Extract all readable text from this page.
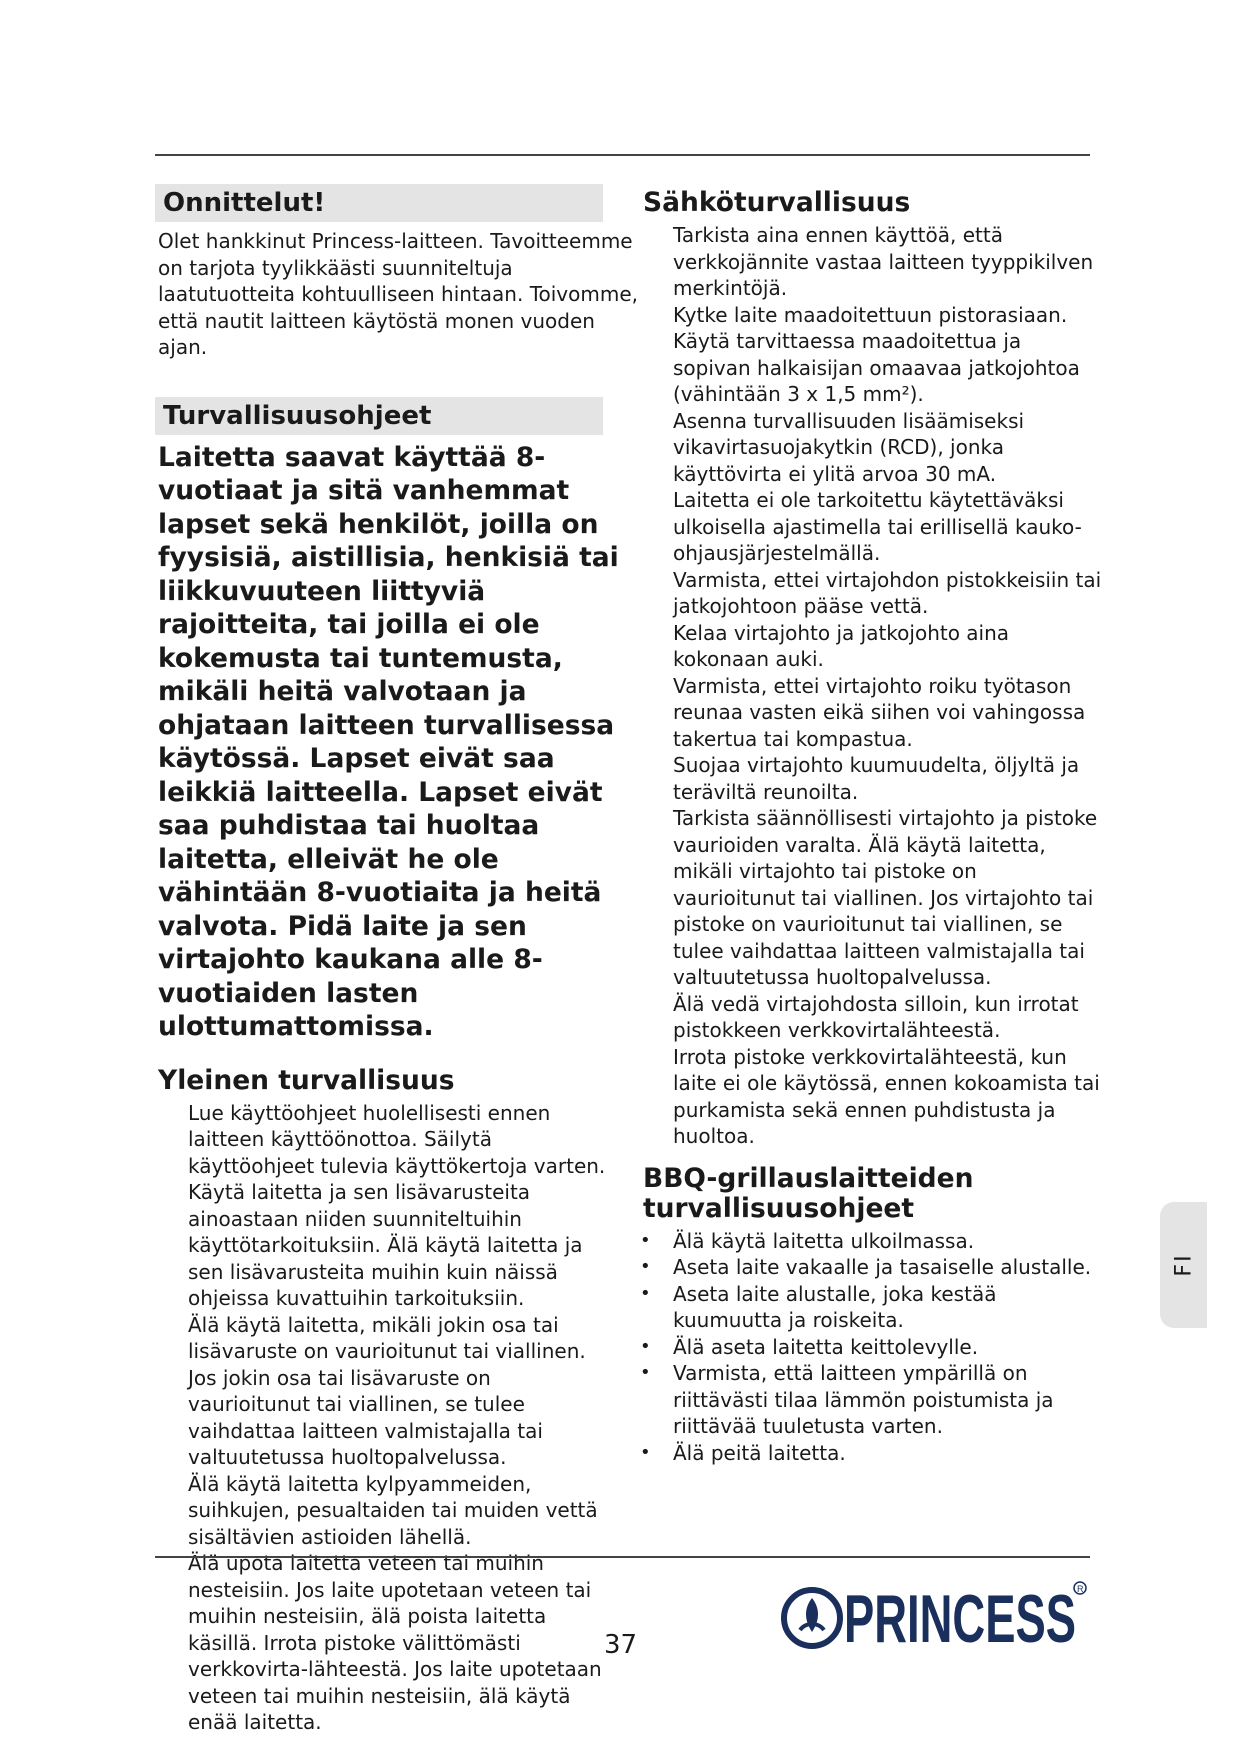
Onnittelut!

Olet hankkinut Princess-laitteen. Tavoitteemme on tarjota tyylikkäästi suunniteltuja laatutuotteita kohtuulliseen hintaan. Toivomme, että nautit laitteen käytöstä monen vuoden ajan.

Turvallisuusohjeet

Laitetta saavat käyttää 8-vuotiaat ja sitä vanhemmat lapset sekä henkilöt, joilla on fyysisiä, aistillisia, henkisiä tai liikkuvuuteen liittyviä rajoitteita, tai joilla ei ole kokemusta tai tuntemusta, mikäli heitä valvotaan ja ohjataan laitteen turvallisessa käytössä. Lapset eivät saa leikkiä laitteella. Lapset eivät saa puhdistaa tai huoltaa laitetta, elleivät he ole vähintään 8-vuotiaita ja heitä valvota. Pidä laite ja sen virtajohto kaukana alle 8-vuotiaiden lasten ulottumattomissa.

Yleinen turvallisuus
Lue käyttöohjeet huolellisesti ennen laitteen käyttöönottoa. Säilytä käyttöohjeet tulevia käyttökertoja varten.
Käytä laitetta ja sen lisävarusteita ainoastaan niiden suunniteltuihin käyttötarkoituksiin. Älä käytä laitetta ja sen lisävarusteita muihin kuin näissä ohjeissa kuvattuihin tarkoituksiin.
Älä käytä laitetta, mikäli jokin osa tai lisävaruste on vaurioitunut tai viallinen. Jos jokin osa tai lisävaruste on vaurioitunut tai viallinen, se tulee vaihdattaa laitteen valmistajalla tai valtuutetussa huoltopalvelussa.
Älä käytä laitetta kylpyammeiden, suihkujen, pesualtaiden tai muiden vettä sisältävien astioiden lähellä.
Älä upota laitetta veteen tai muihin nesteisiin. Jos laite upotetaan veteen tai muihin nesteisiin, älä poista laitetta käsillä. Irrota pistoke välittömästi verkkovirta-lähteestä. Jos laite upotetaan veteen tai muihin nesteisiin, älä käytä enää laitetta.
Sähköturvallisuus
Tarkista aina ennen käyttöä, että verkkojännite vastaa laitteen tyyppikilven merkintöjä.
Kytke laite maadoitettuun pistorasiaan. Käytä tarvittaessa maadoitettua ja sopivan halkaisijan omaavaa jatkojohtoa (vähintään 3 x 1,5 mm²).
Asenna turvallisuuden lisäämiseksi vikavirtasuojakytkin (RCD), jonka käyttövirta ei ylitä arvoa 30 mA.
Laitetta ei ole tarkoitettu käytettäväksi ulkoisella ajastimella tai erillisellä kauko-ohjausjärjestelmällä.
Varmista, ettei virtajohdon pistokkeisiin tai jatkojohtoon pääse vettä.
Kelaa virtajohto ja jatkojohto aina kokonaan auki.
Varmista, ettei virtajohto roiku työtason reunaa vasten eikä siihen voi vahingossa takertua tai kompastua.
Suojaa virtajohto kuumuudelta, öljyltä ja teräviltä reunoilta.
Tarkista säännöllisesti virtajohto ja pistoke vaurioiden varalta. Älä käytä laitetta, mikäli virtajohto tai pistoke on vaurioitunut tai viallinen. Jos virtajohto tai pistoke on vaurioitunut tai viallinen, se tulee vaihdattaa laitteen valmistajalla tai valtuutetussa huoltopalvelussa.
Älä vedä virtajohdosta silloin, kun irrotat pistokkeen verkkovirtalähteestä.
Irrota pistoke verkkovirtalähteestä, kun laite ei ole käytössä, ennen kokoamista tai purkamista sekä ennen puhdistusta ja huoltoa.
BBQ-grillauslaitteiden turvallisuusohjeet
• Älä käytä laitetta ulkoilmassa.
• Aseta laite vakaalle ja tasaiselle alustalle.
• Aseta laite alustalle, joka kestää kuumuutta ja roiskeita.
• Älä aseta laitetta keittolevylle.
• Varmista, että laitteen ympärillä on riittävästi tilaa lämmön poistumista ja riittävää tuuletusta varten.
• Älä peitä laitetta.
FI
37	PRINCESS R
